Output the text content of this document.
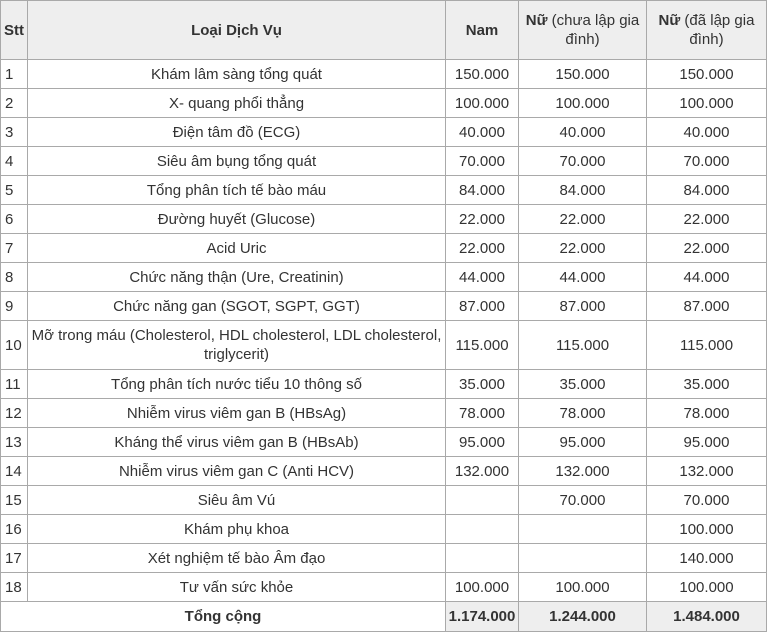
Stt	Loại Dịch Vụ	Nam	Nữ (chưa lập gia đình)	Nữ (đã lập gia đình)
1	Khám lâm sàng tổng quát	150.000	150.000	150.000
2	X- quang phổi thẳng	100.000	100.000	100.000
3	Điện tâm đồ (ECG)	40.000	40.000	40.000
4	Siêu âm bụng tổng quát	70.000	70.000	70.000
5	Tổng phân tích tế bào máu	84.000	84.000	84.000
6	Đường huyết (Glucose)	22.000	22.000	22.000
7	Acid Uric	22.000	22.000	22.000
8	Chức năng thận (Ure, Creatinin)	44.000	44.000	44.000
9	Chức năng gan (SGOT, SGPT, GGT)	87.000	87.000	87.000
10	Mỡ trong máu (Cholesterol, HDL cholesterol, LDL cholesterol, triglycerit)	115.000	115.000	115.000
11	Tổng phân tích nước tiểu 10 thông số	35.000	35.000	35.000
12	Nhiễm virus viêm gan B (HBsAg)	78.000	78.000	78.000
13	Kháng thể virus viêm gan B (HBsAb)	95.000	95.000	95.000
14	Nhiễm virus viêm gan C (Anti HCV)	132.000	132.000	132.000
15	Siêu âm Vú		70.000	70.000
16	Khám phụ khoa			100.000
17	Xét nghiệm tế bào Âm đạo			140.000
18	Tư vấn sức khỏe	100.000	100.000	100.000
Tổng cộng		1.174.000	1.244.000	1.484.000
